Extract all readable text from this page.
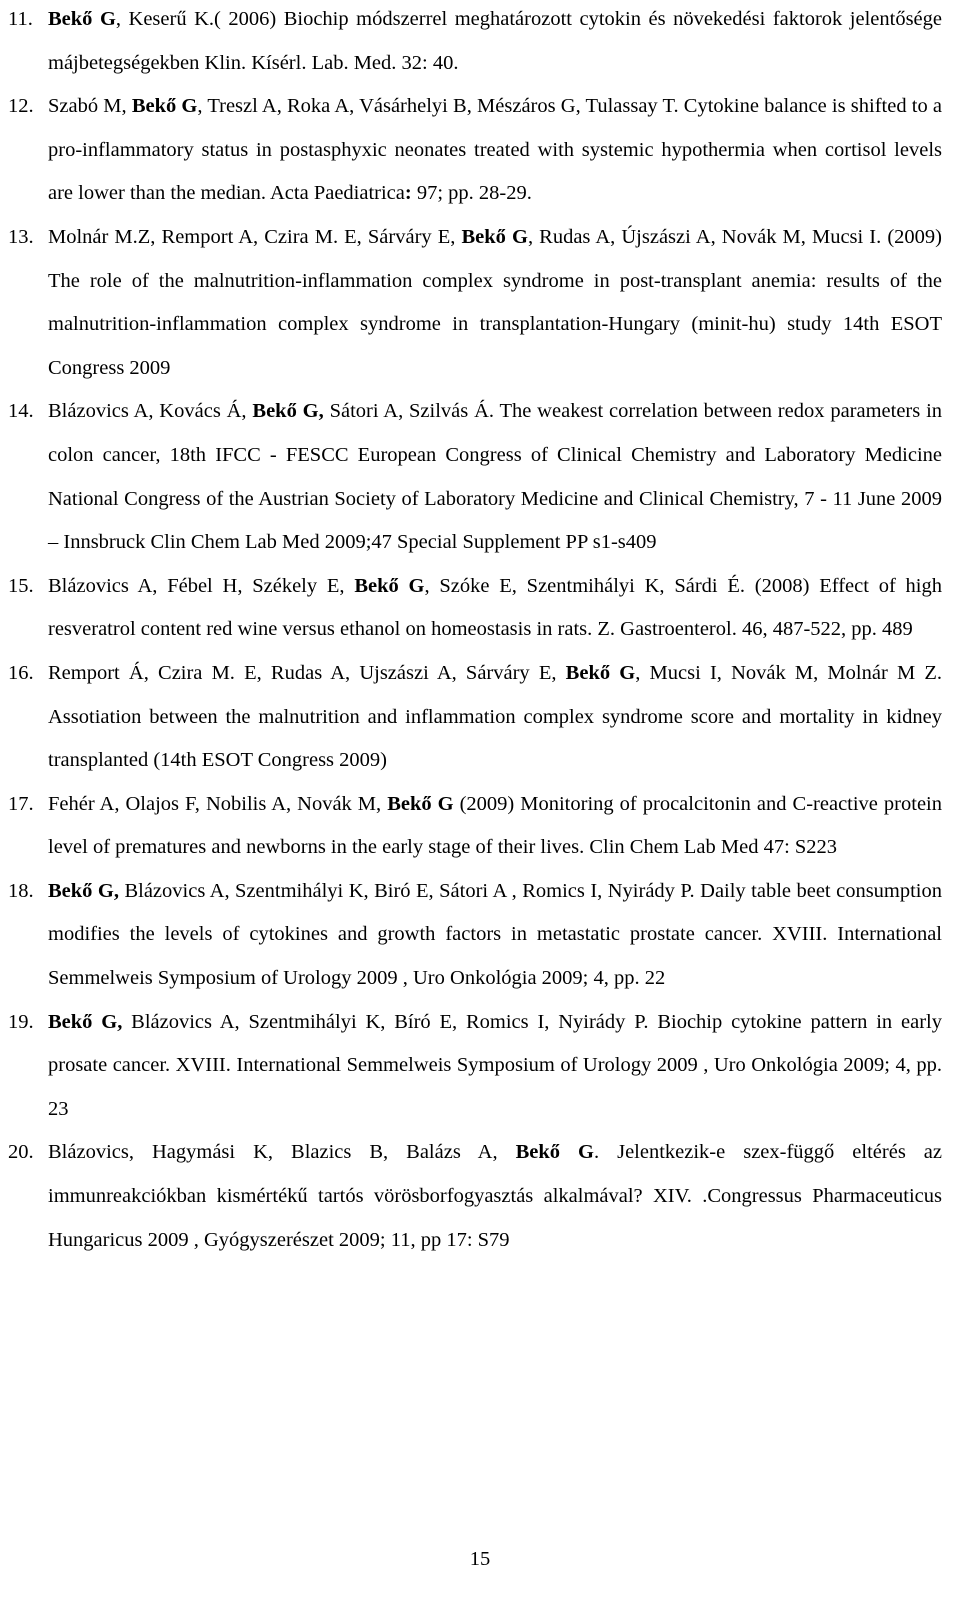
11. Bekő G, Keserű K.( 2006) Biochip módszerrel meghatározott cytokin és növekedési faktorok jelentősége májbetegségekben Klin. Kísérl. Lab. Med. 32: 40.
12. Szabó M, Bekő G, Treszl A, Roka A, Vásárhelyi B, Mészáros G, Tulassay T. Cytokine balance is shifted to a pro-inflammatory status in postasphyxic neonates treated with systemic hypothermia when cortisol levels are lower than the median. Acta Paediatrica: 97; pp. 28-29.
13. Molnár M.Z, Remport A, Czira M. E, Sárváry E, Bekő G, Rudas A, Újszászi A, Novák M, Mucsi I. (2009) The role of the malnutrition-inflammation complex syndrome in post-transplant anemia: results of the malnutrition-inflammation complex syndrome in transplantation-Hungary (minit-hu) study 14th ESOT Congress 2009
14. Blázovics A, Kovács Á, Bekő G, Sátori A, Szilvás Á. The weakest correlation between redox parameters in colon cancer, 18th IFCC - FESCC European Congress of Clinical Chemistry and Laboratory Medicine National Congress of the Austrian Society of Laboratory Medicine and Clinical Chemistry, 7 - 11 June 2009 – Innsbruck Clin Chem Lab Med 2009;47 Special Supplement PP s1-s409
15. Blázovics A, Fébel H, Székely E, Bekő G, Szóke E, Szentmihályi K, Sárdi É. (2008) Effect of high resveratrol content red wine versus ethanol on homeostasis in rats. Z. Gastroenterol. 46, 487-522, pp. 489
16. Remport Á, Czira M. E, Rudas A, Ujszászi A, Sárváry E, Bekő G, Mucsi I, Novák M, Molnár M Z. Assotiation between the malnutrition and inflammation complex syndrome score and mortality in kidney transplanted (14th ESOT Congress 2009)
17. Fehér A, Olajos F, Nobilis A, Novák M, Bekő G (2009) Monitoring of procalcitonin and C-reactive protein level of prematures and newborns in the early stage of their lives. Clin Chem Lab Med 47: S223
18. Bekő G, Blázovics A, Szentmihályi K, Biró E, Sátori A , Romics I, Nyirády P. Daily table beet consumption modifies the levels of cytokines and growth factors in metastatic prostate cancer. XVIII. International Semmelweis Symposium of Urology 2009 , Uro Onkológia 2009; 4, pp. 22
19. Bekő G, Blázovics A, Szentmihályi K, Bíró E, Romics I, Nyirády P. Biochip cytokine pattern in early prosate cancer. XVIII. International Semmelweis Symposium of Urology 2009 , Uro Onkológia 2009; 4, pp. 23
20. Blázovics, Hagymási K, Blazics B, Balázs A, Bekő G. Jelentkezik-e szex-függő eltérés az immunreakciókban kismértékű tartós vörösborfogyasztás alkalmával? XIV. .Congressus Pharmaceuticus Hungaricus 2009 , Gyógyszerészet 2009; 11, pp 17: S79
15
